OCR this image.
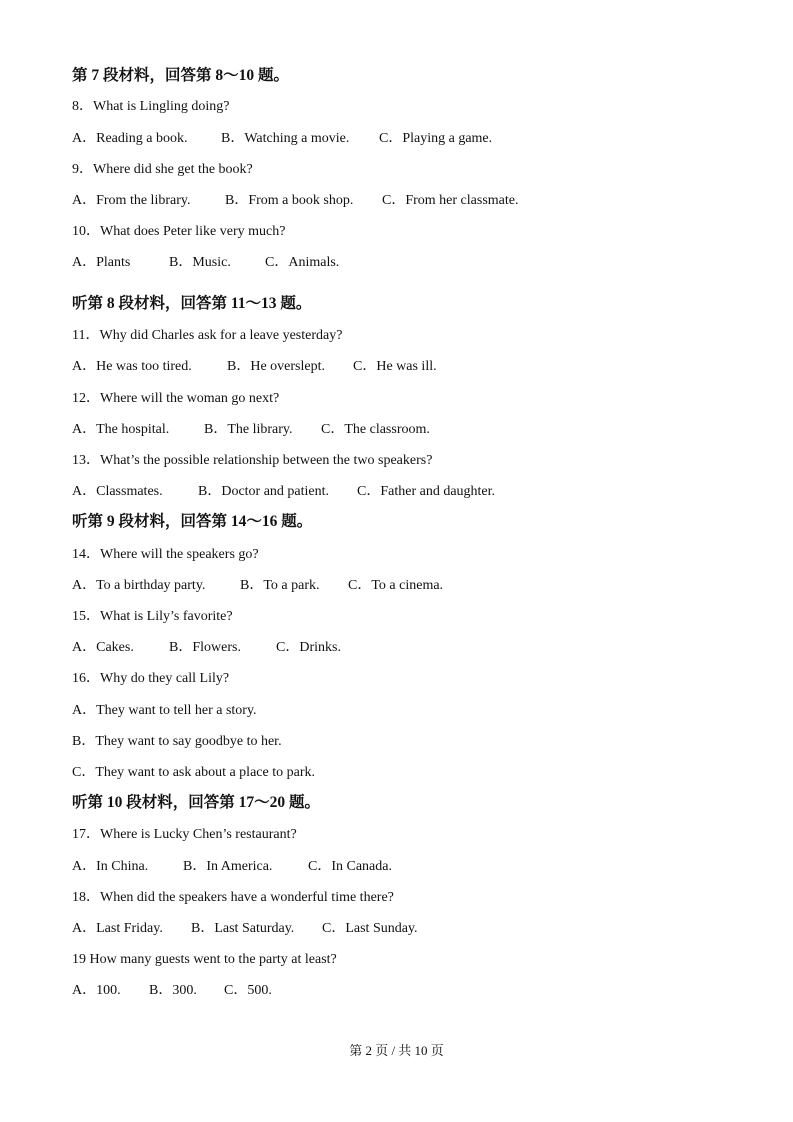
第 7 段材料，回答第 8～10 题。
8．What is Lingling doing?
A．Reading a book. B．Watching a movie. C．Playing a game.
9．Where did she get the book?
A．From the library. B．From a book shop. C．From her classmate.
10．What does Peter like very much?
A．Plants	B．Music. C．Animals.
听第 8 段材料，回答第 11～13 题。
11．Why did Charles ask for a leave yesterday?
A．He was too tired.	B．He overslept. C．He was ill.
12．Where will the woman go next?
A．The hospital. B．The library. C．The classroom.
13．What’s the possible relationship between the two speakers?
A．Classmates.	B．Doctor and patient. C．Father and daughter.
听第 9 段材料，回答第 14～16 题。
14．Where will the speakers go?
A．To a birthday party. B．To a park. C．To a cinema.
15．What is Lily’s favorite?
A．Cakes.	B．Flowers.	C．Drinks.
16．Why do they call Lily?
A．They want to tell her a story.
B．They want to say goodbye to her.
C．They want to ask about a place to park.
听第 10 段材料，回答第 17～20 题。
17．Where is Lucky Chen’s restaurant?
A．In China. B．In America.	C．In Canada.
18．When did the speakers have a wonderful time there?
A．Last Friday. B．Last Saturday. C．Last Sunday.
19 How many guests went to the party at least?
A．100. B．300. C．500.
第 2 页 / 共 10 页
